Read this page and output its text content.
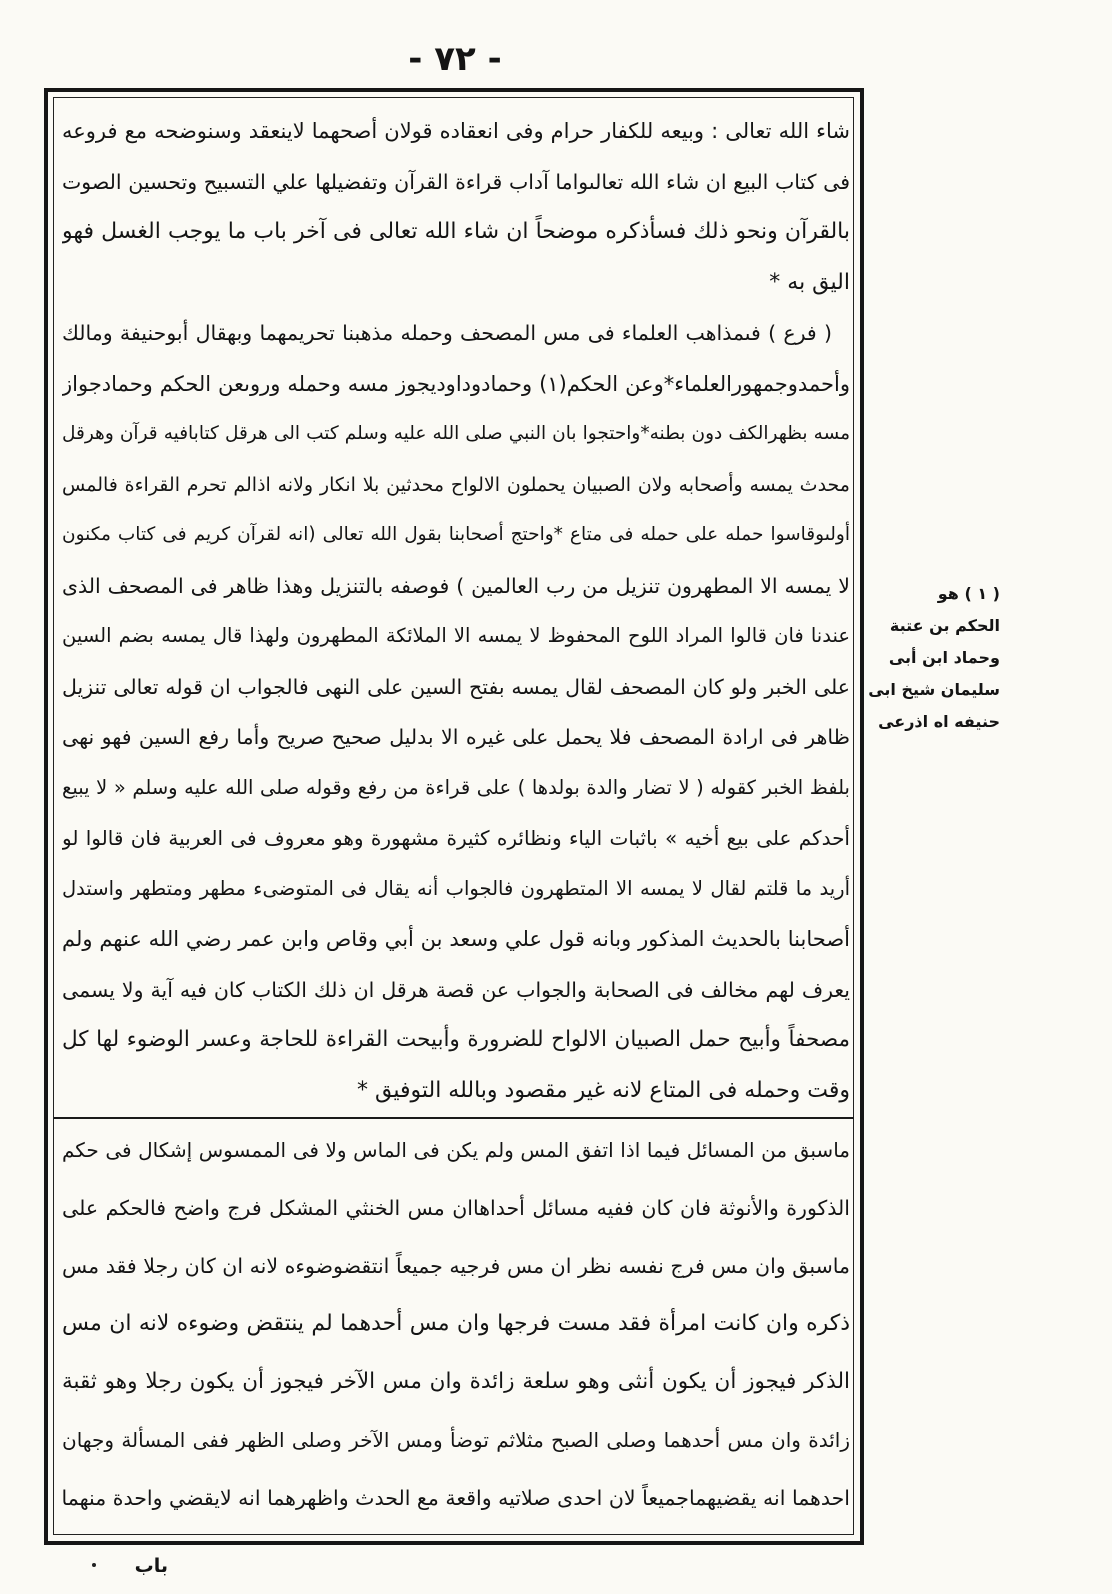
- ٧٢ -
شاء الله تعالى : وبيعه للكفار حرام وفى انعقاده قولان أصحهما لاينعقد وسنوضحه مع فروعه
فى كتاب البيع ان شاء الله تعالىواما آداب قراءة القرآن وتفضيلها علي التسبيح وتحسين الصوت
بالقرآن ونحو ذلك فسأذكره موضحاً ان شاء الله تعالى فى آخر باب ما يوجب الغسل فهو
اليق به *
( فرع ) فىمذاهب العلماء فى مس المصحف وحمله مذهبنا تحريمهما وبهقال أبوحنيفة ومالك
وأحمدوجمهورالعلماء*وعن الحكم(١) وحمادوداوديجوز مسه وحمله وروىعن الحكم وحمادجواز
مسه بظهرالكف دون بطنه*واحتجوا بان النبي صلى الله عليه وسلم كتب الى هرقل كتابافيه قرآن وهرقل
محدث يمسه وأصحابه ولان الصبيان يحملون الالواح محدثين بلا انكار ولانه اذالم تحرم القراءة فالمس
أولىوقاسوا حمله على حمله فى متاع *واحتج أصحابنا بقول الله تعالى (انه لقرآن كريم فى كتاب مكنون
لا يمسه الا المطهرون تنزيل من رب العالمين ) فوصفه بالتنزيل وهذا ظاهر فى المصحف الذى
عندنا فان قالوا المراد اللوح المحفوظ لا يمسه الا الملائكة المطهرون ولهذا قال يمسه بضم السين
على الخبر ولو كان المصحف لقال يمسه بفتح السين على النهى فالجواب ان قوله تعالى تنزيل
ظاهر فى ارادة المصحف فلا يحمل على غيره الا بدليل صحيح صريح وأما رفع السين فهو نهى
بلفظ الخبر كقوله ( لا تضار والدة بولدها ) على قراءة من رفع وقوله صلى الله عليه وسلم « لا يبيع
أحدكم على بيع أخيه » باثبات الياء ونظائره كثيرة مشهورة وهو معروف فى العربية فان قالوا لو
أريد ما قلتم لقال لا يمسه الا المتطهرون فالجواب أنه يقال فى المتوضىء مطهر ومتطهر واستدل
أصحابنا بالحديث المذكور وبانه قول علي وسعد بن أبي وقاص وابن عمر رضي الله عنهم ولم
يعرف لهم مخالف فى الصحابة والجواب عن قصة هرقل ان ذلك الكتاب كان فيه آية ولا يسمى
مصحفاً وأبيح حمل الصبيان الالواح للضرورة وأبيحت القراءة للحاجة وعسر الوضوء لها كل
وقت وحمله فى المتاع لانه غير مقصود وبالله التوفيق *
ماسبق من المسائل فيما اذا اتفق المس ولم يكن فى الماس ولا فى الممسوس إشكال فى حكم
الذكورة والأنوثة فان كان ففيه مسائل أحداهاان مس الخنثي المشكل فرج واضح فالحكم على
ماسبق وان مس فرج نفسه نظر ان مس فرجيه جميعاً انتقضوضوءه لانه ان كان رجلا فقد مس
ذكره وان كانت امرأة فقد مست فرجها وان مس أحدهما لم ينتقض وضوءه لانه ان مس
الذكر فيجوز أن يكون أنثى وهو سلعة زائدة وان مس الآخر فيجوز أن يكون رجلا وهو ثقبة
زائدة وان مس أحدهما وصلى الصبح مثلاثم توضأ ومس الآخر وصلى الظهر ففى المسألة وجهان
احدهما انه يقضيهماجميعاً لان احدى صلاتيه واقعة مع الحدث واظهرهما انه لايقضي واحدة منهما
( ١ ) هو
الحكم بن عتبة
وحماد ابن أبى
سليمان شيخ ابى
حنيفه اه اذرعى
باب
